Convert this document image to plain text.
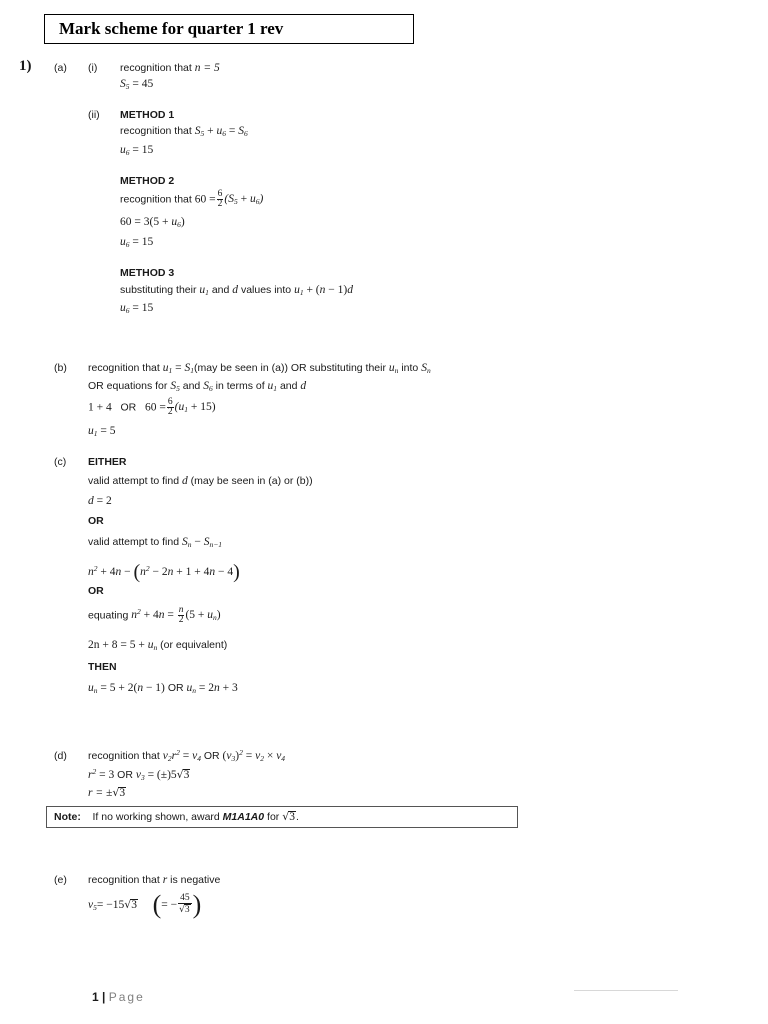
Mark scheme for quarter 1 rev
1) (a) (i) recognition that n = 5
$S_5 = 45$
(ii) METHOD 1
recognition that $S_5 + u_6 = S_6$
$u_6 = 15$
METHOD 2
recognition that $60 = \frac{6}{2} (S_5 + u_6)$
$60 = 3(5 + u_6)$
$u_6 = 15$
METHOD 3
substituting their $u_1$ and d values into $u_1 + (n - 1)d$
$u_6 = 15$
(b) recognition that $u_1 = S_1(may$ be seen in (a)) OR substituting their $u_n$ into $S_n$
OR equations for $S_5$ and $S_6$ in terms of $u_1$ and d
1 + 4 OR $60 = \frac{6}{2} (u_1 + 15)$
$u_1 = 5$
(c) EITHER
valid attempt to find d (may be seen in (a) or (b))
d = 2
OR
valid attempt to find $S_n - S_{n-1}$
$n^2 + 4n - (n^2 - 2n + 1 + 4n - 4)$
OR
equating $n^2 + 4n = \frac{n}{2} (5 + u_n)$
$2n + 8 = 5 + u_n$ (or equivalent)
THEN
$u_n = 5 + 2(n - 1)$ OR $u_n = 2n + 3$
(d) recognition that $v_2r^2 = v_4$ OR $(v_3)^2 = v_2 \times v_4$
$r^2 = 3$ OR $v_3 = (\pm)5√3$
r = ±√3
Note: If no working shown, award M1A1A0 for √3.
(e) recognition that r is negative
$v_5= -15√3$ (= − $\frac{45}{√3}$ )
1 | Page
